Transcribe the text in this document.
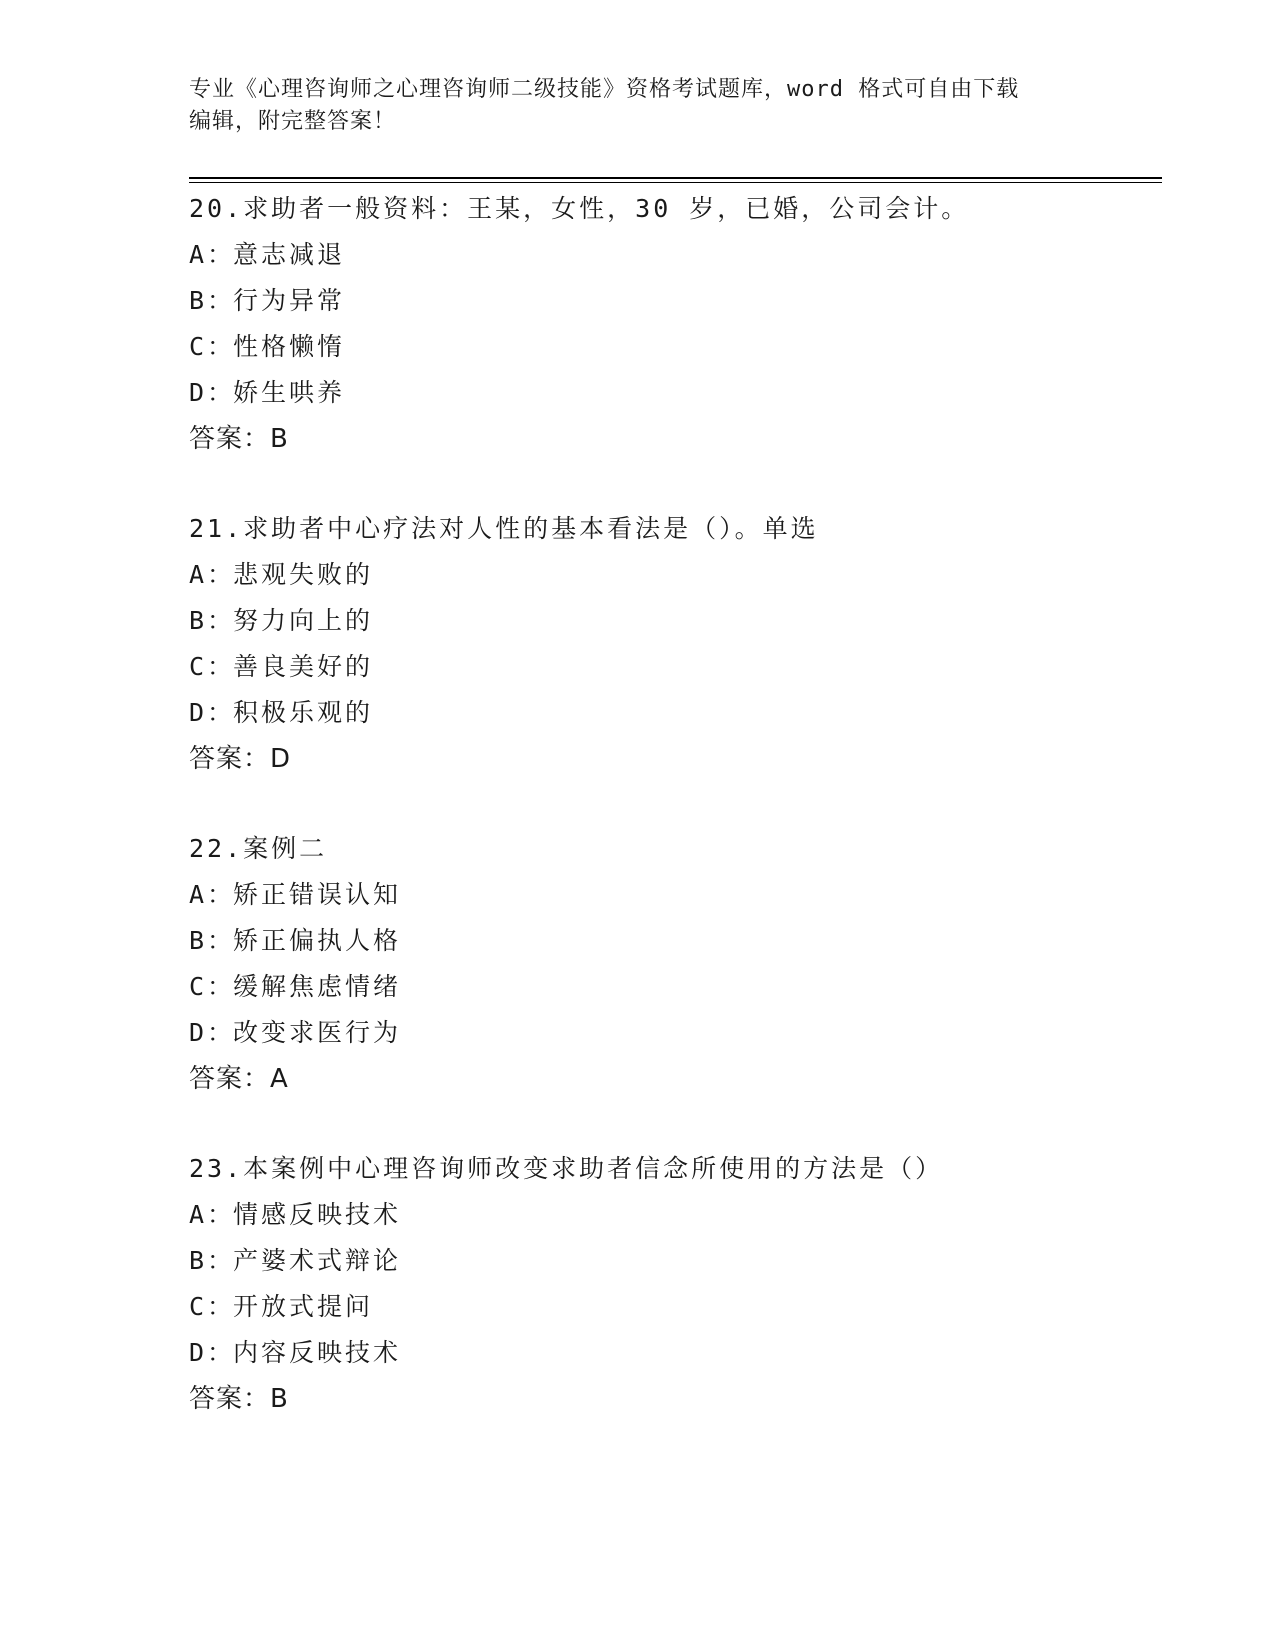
专业《心理咨询师之心理咨询师二级技能》资格考试题库，word 格式可自由下载
编辑，附完整答案！
20.求助者一般资料：王某，女性，30 岁，已婚，公司会计。
A：意志减退
B：行为异常
C：性格懒惰
D：娇生哄养
答案：B
21.求助者中心疗法对人性的基本看法是（）。单选
A：悲观失败的
B：努力向上的
C：善良美好的
D：积极乐观的
答案：D
22.案例二
A：矫正错误认知
B：矫正偏执人格
C：缓解焦虑情绪
D：改变求医行为
答案：A
23.本案例中心理咨询师改变求助者信念所使用的方法是（）
A：情感反映技术
B：产婆术式辩论
C：开放式提问
D：内容反映技术
答案：B
